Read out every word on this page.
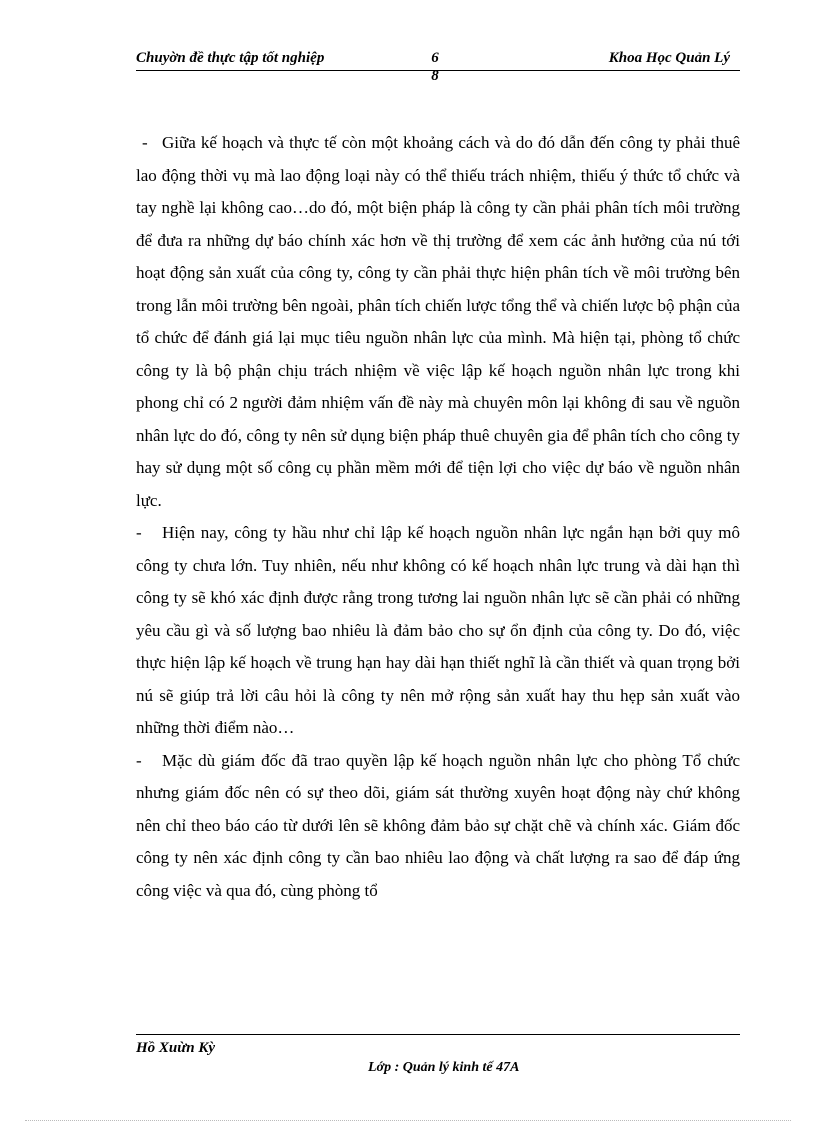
Chuyờn đề thực tập tốt nghiệp	6	Khoa Học Quản Lý
8

- Giữa kế hoạch và thực tế còn một khoảng cách và do đó dẫn đến công ty phải thuê lao động thời vụ mà lao động loại này có thể thiếu trách nhiệm, thiếu ý thức tổ chức và tay nghề lại không cao…do đó, một biện pháp là công ty cần phải phân tích môi trường để đưa ra những dự báo chính xác hơn về thị trường để xem các ảnh hưởng của nú tới hoạt động sản xuất của công ty, công ty cần phải thực hiện phân tích về môi trường bên trong lẫn môi trường bên ngoài, phân tích chiến lược tổng thể và chiến lược bộ phận của tổ chức để đánh giá lại mục tiêu nguồn nhân lực của mình. Mà hiện tại, phòng tổ chức công ty là bộ phận chịu trách nhiệm về việc lập kế hoạch nguồn nhân lực trong khi phong chỉ có 2 người đảm nhiệm vấn đề này mà chuyên môn lại không đi sau về nguồn nhân lực do đó, công ty nên sử dụng biện pháp thuê chuyên gia để phân tích cho công ty hay sử dụng một số công cụ phần mềm mới để tiện lợi cho việc dự báo về nguồn nhân lực.

- Hiện nay, công ty hầu như chỉ lập kế hoạch nguồn nhân lực ngắn hạn bởi quy mô công ty chưa lớn. Tuy nhiên, nếu như không có kế hoạch nhân lực trung và dài hạn thì công ty sẽ khó xác định được rằng trong tương lai nguồn nhân lực sẽ cần phải có những yêu cầu gì và số lượng bao nhiêu là đảm bảo cho sự ổn định của công ty. Do đó, việc thực hiện lập kế hoạch về trung hạn hay dài hạn thiết nghĩ là cần thiết và quan trọng bởi nú sẽ giúp trả lời câu hỏi là công ty nên mở rộng sản xuất hay thu hẹp sản xuất vào những thời điểm nào…

- Mặc dù giám đốc đã trao quyền lập kế hoạch nguồn nhân lực cho phòng Tổ chức nhưng giám đốc nên có sự theo dõi, giám sát thường xuyên hoạt động này chứ không nên chỉ theo báo cáo từ dưới lên sẽ không đảm bảo sự chặt chẽ và chính xác. Giám đốc công ty nên xác định công ty cần bao nhiêu lao động và chất lượng ra sao để đáp ứng công việc và qua đó, cùng phòng tổ

Hồ Xuừn Kỳ
Lớp : Quản lý kinh tế 47A
